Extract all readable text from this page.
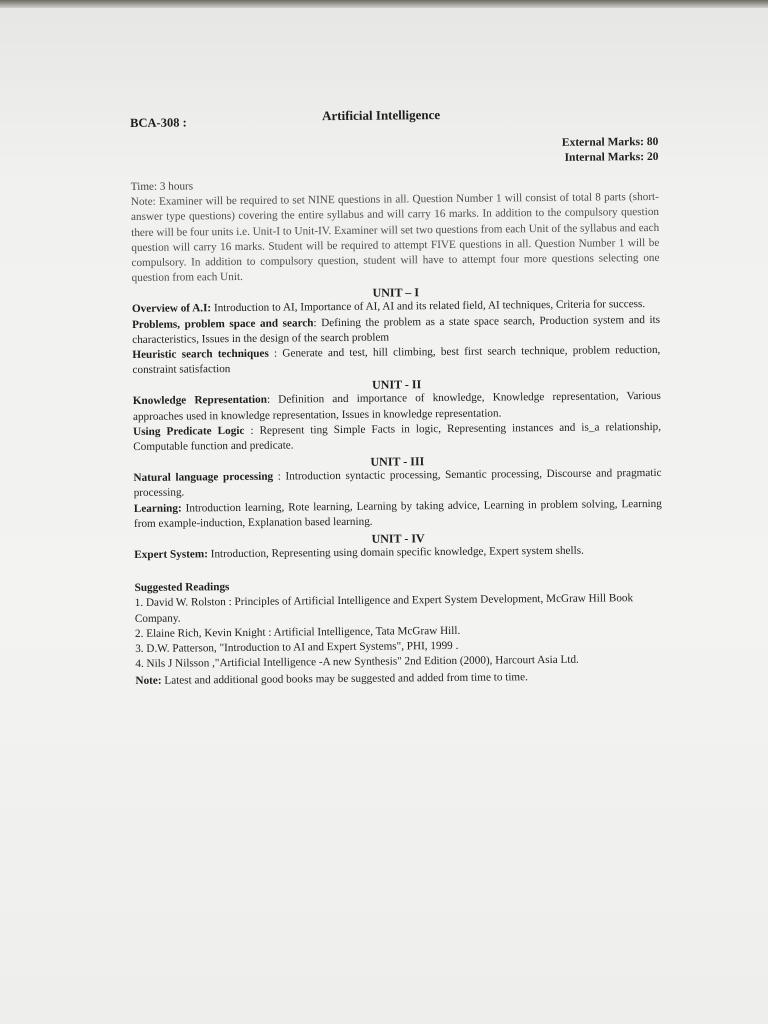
BCA-308 :	Artificial Intelligence
External Marks: 80
Internal Marks: 20
Time: 3 hours

Note: Examiner will be required to set NINE questions in all. Question Number 1 will consist of total 8 parts (short-answer type questions) covering the entire syllabus and will carry 16 marks. In addition to the compulsory question there will be four units i.e. Unit-I to Unit-IV. Examiner will set two questions from each Unit of the syllabus and each question will carry 16 marks. Student will be required to attempt FIVE questions in all. Question Number 1 will be compulsory. In addition to compulsory question, student will have to attempt four more questions selecting one question from each Unit.

UNIT – I

Overview of A.I: Introduction to AI, Importance of AI, AI and its related field, AI techniques, Criteria for success.

Problems, problem space and search: Defining the problem as a state space search, Production system and its characteristics, Issues in the design of the search problem

Heuristic search techniques : Generate and test, hill climbing, best first search technique, problem reduction, constraint satisfaction

UNIT - II

Knowledge Representation: Definition and importance of knowledge, Knowledge representation, Various approaches used in knowledge representation, Issues in knowledge representation.

Using Predicate Logic : Represent ting Simple Facts in logic, Representing instances and is_a relationship, Computable function and predicate.

UNIT - III

Natural language processing : Introduction syntactic processing, Semantic processing, Discourse and pragmatic processing.

Learning: Introduction learning, Rote learning, Learning by taking advice, Learning in problem solving, Learning from example-induction, Explanation based learning.

UNIT - IV

Expert System: Introduction, Representing using domain specific knowledge, Expert system shells.

Suggested Readings
1. David W. Rolston : Principles of Artificial Intelligence and Expert System Development, McGraw Hill Book Company.
2. Elaine Rich, Kevin Knight : Artificial Intelligence, Tata McGraw Hill.
3. D.W. Patterson, "Introduction to AI and Expert Systems", PHI, 1999 .
4. Nils J Nilsson ,"Artificial Intelligence -A new Synthesis" 2nd Edition (2000), Harcourt Asia Ltd.

Note: Latest and additional good books may be suggested and added from time to time.
